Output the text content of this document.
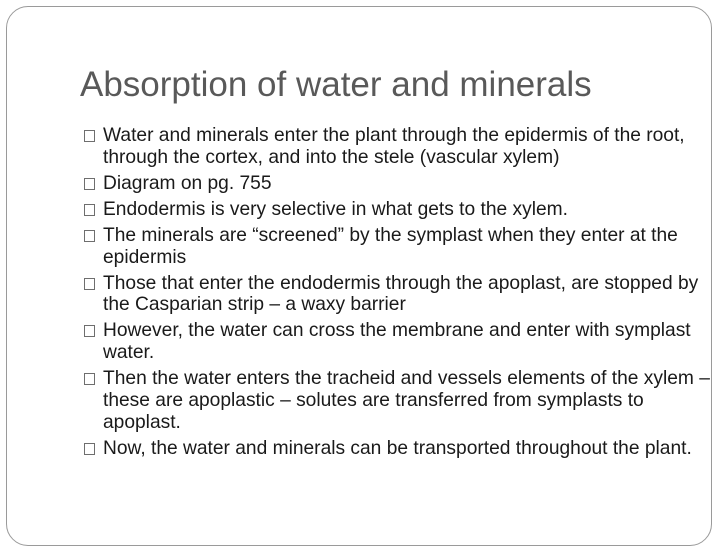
Absorption of water and minerals
Water and minerals enter the plant through the epidermis of the root, through the cortex, and into the stele (vascular xylem)
Diagram on pg. 755
Endodermis is very selective in what gets to the xylem.
The minerals are “screened” by the symplast when they enter at the epidermis
Those that enter the endodermis through the apoplast, are stopped by the Casparian strip – a waxy barrier
However, the water can cross the membrane and enter with symplast water.
Then the water enters the tracheid and vessels elements of the xylem – these are apoplastic – solutes are transferred from symplasts to apoplast.
Now, the water and minerals can be transported throughout the plant.
